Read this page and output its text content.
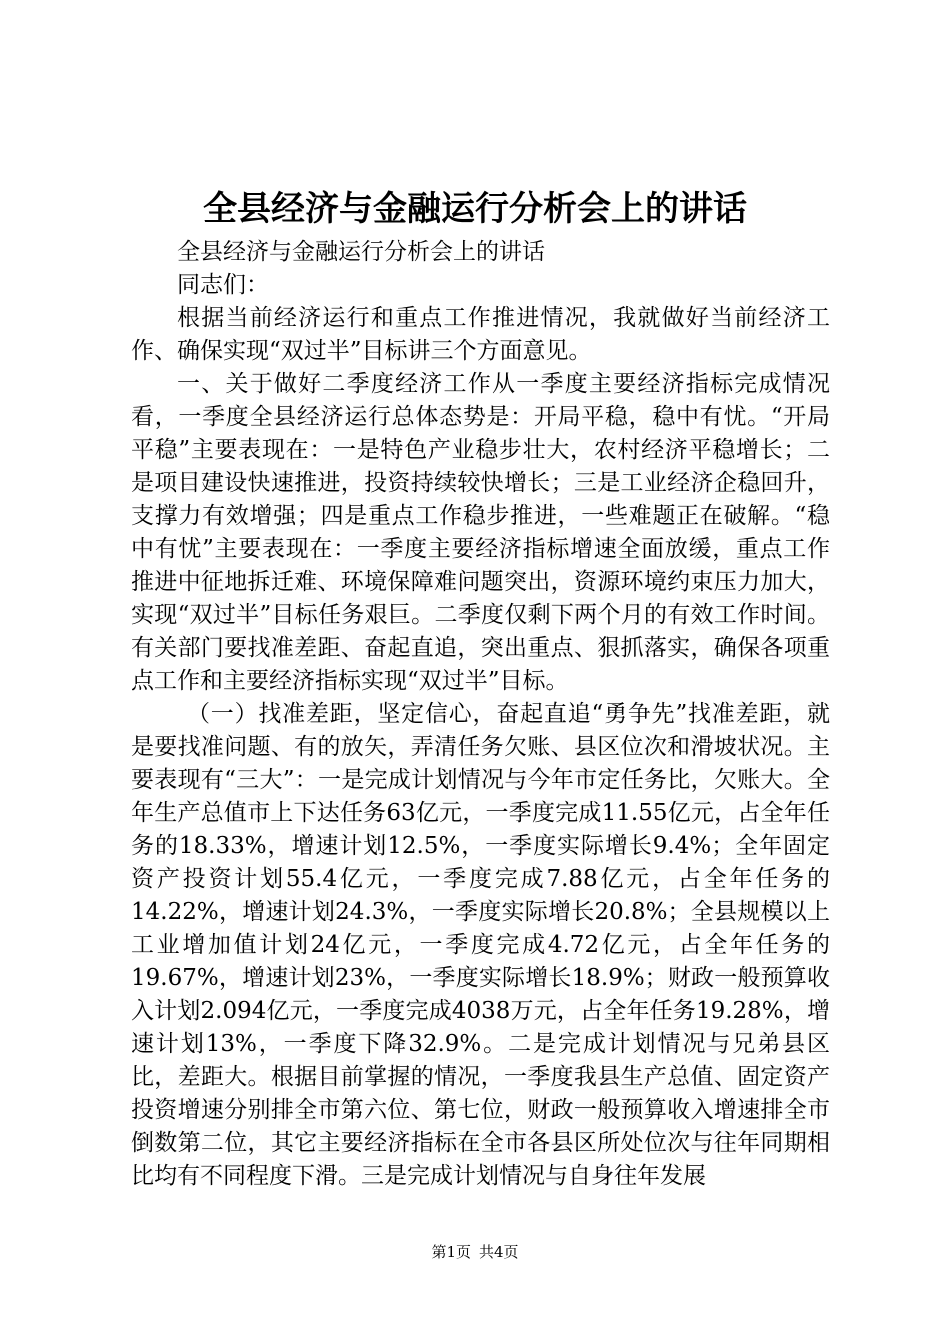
全县经济与金融运行分析会上的讲话

全县经济与金融运行分析会上的讲话

同志们：

根据当前经济运行和重点工作推进情况，我就做好当前经济工作、确保实现“双过半”目标讲三个方面意见。

一、关于做好二季度经济工作从一季度主要经济指标完成情况看，一季度全县经济运行总体态势是：开局平稳，稳中有忧。“开局平稳”主要表现在：一是特色产业稳步壮大，农村经济平稳增长；二是项目建设快速推进，投资持续较快增长；三是工业经济企稳回升，支撑力有效增强；四是重点工作稳步推进，一些难题正在破解。“稳中有忧”主要表现在：一季度主要经济指标增速全面放缓，重点工作推进中征地拆迁难、环境保障难问题突出，资源环境约束压力加大，实现“双过半”目标任务艰巨。二季度仅剩下两个月的有效工作时间。有关部门要找准差距、奋起直追，突出重点、狠抓落实，确保各项重点工作和主要经济指标实现“双过半”目标。

（一）找准差距，坚定信心，奋起直追“勇争先”找准差距，就是要找准问题、有的放矢，弄清任务欠账、县区位次和滑坡状况。主要表现有“三大”：一是完成计划情况与今年市定任务比，欠账大。全年生产总值市上下达任务63亿元，一季度完成11.55亿元，占全年任务的18.33%，增速计划12.5%，一季度实际增长9.4%；全年固定资产投资计划55.4亿元，一季度完成7.88亿元，占全年任务的14.22%，增速计划24.3%，一季度实际增长20.8%；全县规模以上工业增加值计划24亿元，一季度完成4.72亿元，占全年任务的19.67%，增速计划23%，一季度实际增长18.9%；财政一般预算收入计划2.094亿元，一季度完成4038万元，占全年任务19.28%，增速计划13%，一季度下降32.9%。二是完成计划情况与兄弟县区比，差距大。根据目前掌握的情况，一季度我县生产总值、固定资产投资增速分别排全市第六位、第七位，财政一般预算收入增速排全市倒数第二位，其它主要经济指标在全市各县区所处位次与往年同期相比均有不同程度下滑。三是完成计划情况与自身往年发展

第1页 共4页
